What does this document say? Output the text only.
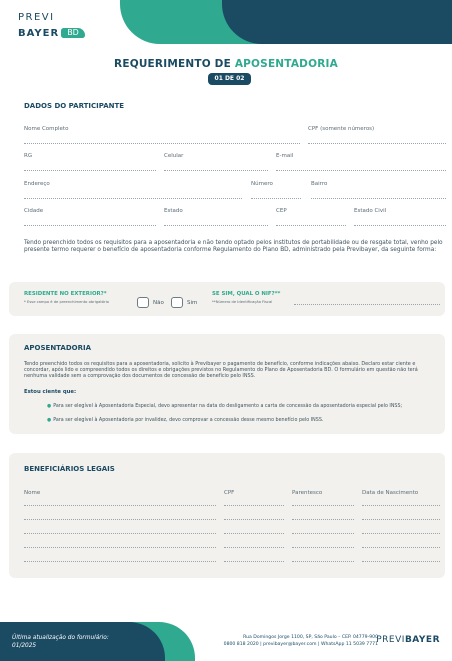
PREVI
BAYER BD
REQUERIMENTO DE APOSENTADORIA
01 DE 02
DADOS DO PARTICIPANTE
Nome Completo	CPF (somente números)
RG	Celular	E-mail
Endereço	Número	Bairro
Cidade	Estado	CEP	Estado Civil
Tendo preenchido todos os requisitos para a aposentadoria e não tendo optado pelos institutos de portabilidade ou de resgate total, venho pelo presente termo requerer o benefício de aposentadoria conforme Regulamento do Plano BD, administrado pela Previbayer, da seguinte forma:
RESIDENTE NO EXTERIOR?*
* Esse campo é de preenchimento obrigatório	Não	Sim
SE SIM, QUAL O NIF?**
**Número de Identificação Fiscal
APOSENTADORIA
Tendo preenchido todos os requisitos para a aposentadoria, solicito à Previbayer o pagamento de benefício, conforme indicações abaixo. Declaro estar ciente e concordar, após lido e compreendido todos os direitos e obrigações previstos no Regulamento do Plano de Aposentadoria BD. O formulário em questão não terá nenhuma validade sem a comprovação dos documentos de concessão de benefício pelo INSS.
Estou ciente que:
● Para ser elegível à Aposentadoria Especial, devo apresentar na data do desligamento a carta de concessão da aposentadoria especial pelo INSS;
● Para ser elegível à Aposentadoria por invalidez, devo comprovar a concessão desse mesmo benefício pelo INSS.
BENEFICIÁRIOS LEGAIS
Nome	CPF	Parentesco	Data de Nascimento
Última atualização do formulário:
01/2025
Rua Domingos Jorge 1100, SP, São Paulo – CEP. 04779-900
0800 818 2020 | previbayer@bayer.com | WhatsApp 11 5039 7771
PREVIBAYER
